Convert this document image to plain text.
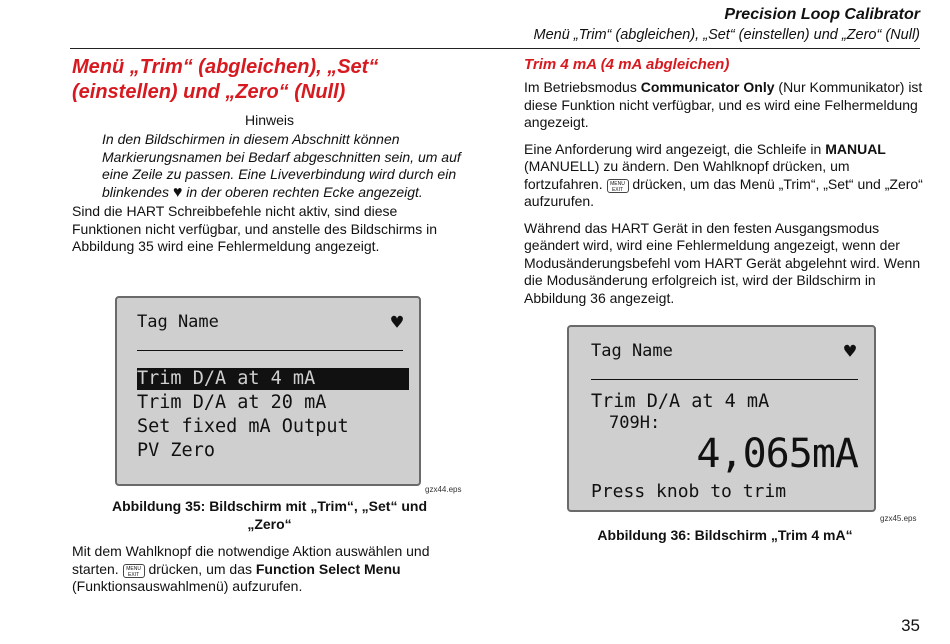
Precision Loop Calibrator
Menü „Trim“ (abgleichen), „Set“ (einstellen) und „Zero“ (Null)
Menü „Trim“ (abgleichen), „Set“
(einstellen) und „Zero“ (Null)
Hinweis
In den Bildschirmen in diesem Abschnitt können Markierungsnamen bei Bedarf abgeschnitten sein, um auf eine Zeile zu passen. Eine Liveverbindung wird durch ein blinkendes ♥ in der oberen rechten Ecke angezeigt.

Sind die HART Schreibbefehle nicht aktiv, sind diese Funktionen nicht verfügbar, und anstelle des Bildschirms in Abbildung 35 wird eine Fehlermeldung angezeigt.

Tag Name	♥
Trim D/A at 4 mA
Trim D/A at 20 mA
Set fixed mA Output
PV Zero
gzx44.eps
Abbildung 35: Bildschirm mit „Trim“, „Set“ und
„Zero“

Mit dem Wahlknopf die notwendige Aktion auswählen und starten. MENU
EXIT drücken, um das Function Select Menu (Funktionsauswahlmenü) aufzurufen.

Trim 4 mA (4 mA abgleichen)

Im Betriebsmodus Communicator Only (Nur Kommunikator) ist diese Funktion nicht verfügbar, und es wird eine Felhermeldung angezeigt.

Eine Anforderung wird angezeigt, die Schleife in MANUAL (MANUELL) zu ändern. Den Wahlknopf drücken, um fortzufahren. MENU
EXIT drücken, um das Menü „Trim“, „Set“ und „Zero“ aufzurufen.

Während das HART Gerät in den festen Ausgangsmodus geändert wird, wird eine Fehlermeldung angezeigt, wenn der Modusänderungsbefehl vom HART Gerät abgelehnt wird. Wenn die Modusänderung erfolgreich ist, wird der Bildschirm in Abbildung 36 angezeigt.

Tag Name	♥
Trim D/A at 4 mA
709H:
4,065mA
Press knob to trim
gzx45.eps
Abbildung 36: Bildschirm „Trim 4 mA“
35
